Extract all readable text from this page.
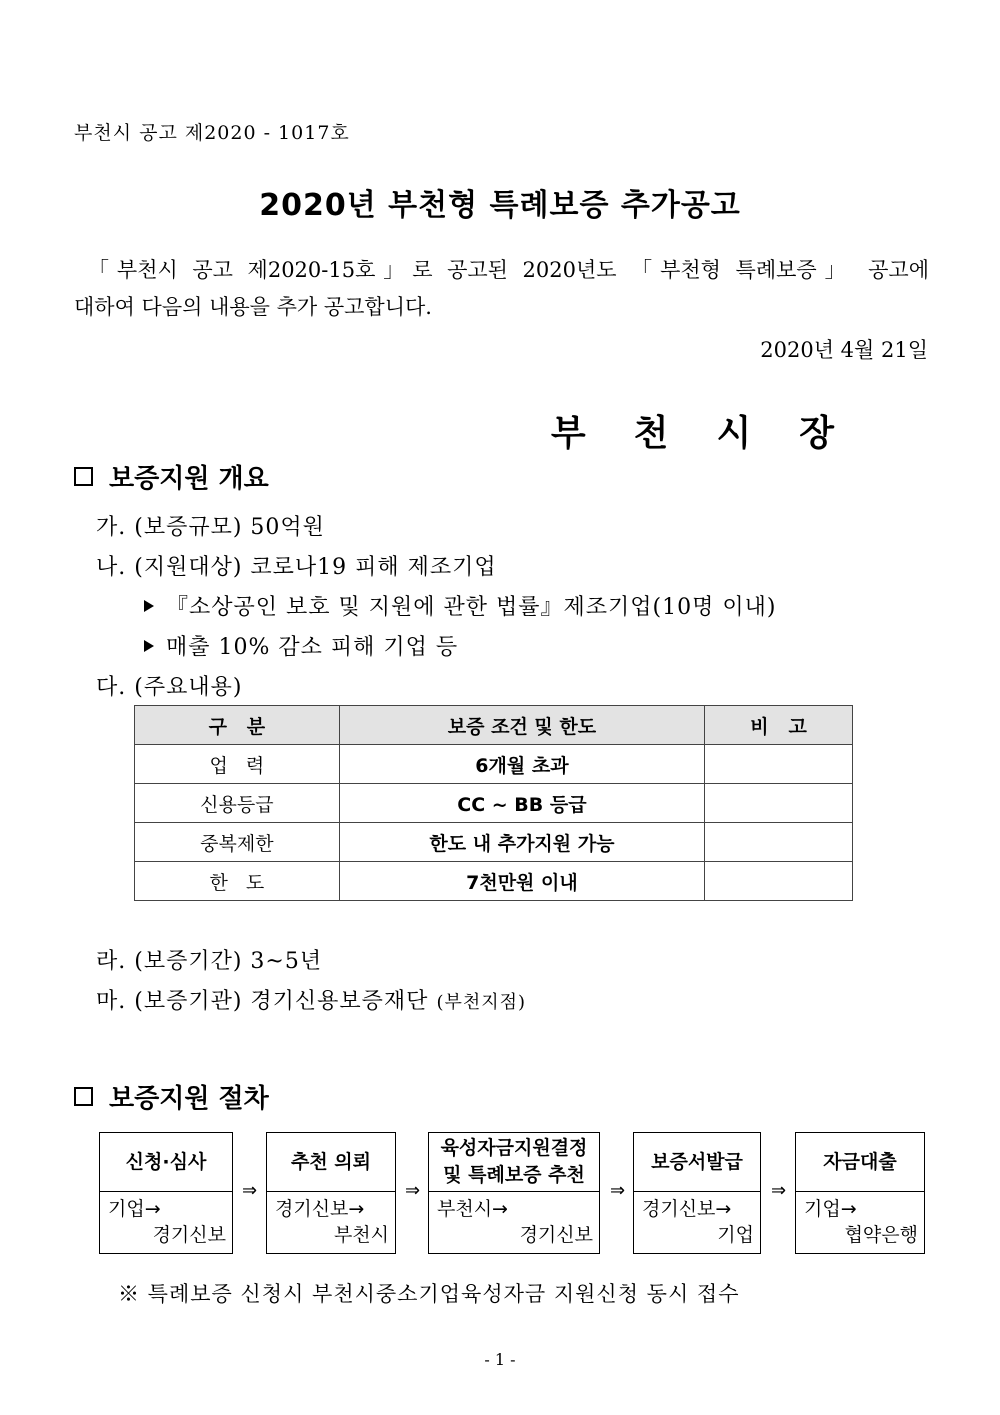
부천시 공고 제2020 - 1017호
2020년 부천형 특례보증 추가공고
「부천시 공고 제2020-15호」로 공고된 2020년도 「부천형 특례보증」 공고에
대하여 다음의 내용을 추가 공고합니다.
2020년 4월 21일
부천시장
보증지원 개요
가. (보증규모) 50억원
나. (지원대상) 코로나19 피해 제조기업
『소상공인 보호 및 지원에 관한 법률』제조기업(10명 이내)
매출 10% 감소 피해 기업 등
다. (주요내용)
구   분	보증 조건 및 한도	비   고
업   력	6개월 초과	
신용등급	CC ~ BB 등급	
중복제한	한도 내 추가지원 가능	
한   도	7천만원 이내	
라. (보증기간) 3~5년
마. (보증기관) 경기신용보증재단 (부천지점)
보증지원 절차
신청·심사
기업→
경기신보
⇒
추천 의뢰
경기신보→
부천시
⇒
육성자금지원결정
및 특례보증 추천
부천시→
경기신보
⇒
보증서발급
경기신보→
기업
⇒
자금대출
기업→
협약은행
※ 특례보증 신청시 부천시중소기업육성자금 지원신청 동시 접수
- 1 -
